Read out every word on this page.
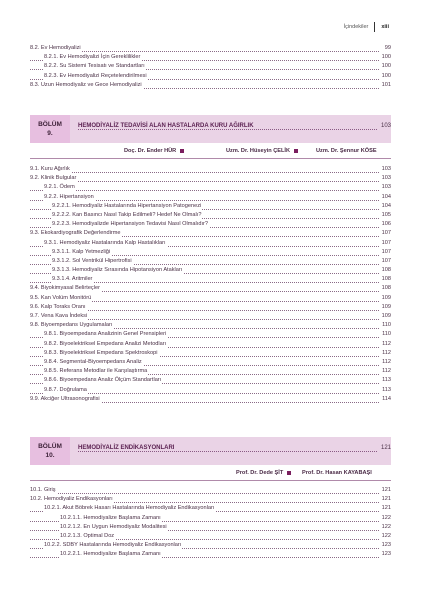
İçindekiler xiii
8.2. Ev Hemodiyalizi	99
8.2.1. Ev Hemodiyalizi İçin Gereklilikler	100
8.2.2. Su Sistemi Tesisatı ve Standartları	100
8.2.3. Ev Hemodiyalizi Reçetelendirilmesi	100
8.3. Uzun Hemodiyaliz ve Gece Hemodiyalizi	101
BÖLÜM
9.
HEMODİYALİZ TEDAVİSİ ALAN HASTALARDA KURU AĞIRLIK	103
Doç. Dr. Ender HÜR	Uzm. Dr. Hüseyin ÇELİK	Uzm. Dr. Şennur KÖSE
9.1. Kuru Ağırlık	103
9.2. Klinik Bulgular	103
9.2.1. Ödem	103
9.2.2. Hipertansiyon	104
9.2.2.1. Hemodiyaliz Hastalarında Hipertansiyon Patogenezi	104
9.2.2.2. Kan Basıncı Nasıl Takip Edilmeli? Hedef Ne Olmalı?	105
9.2.2.3. Hemodiyalizde Hipertansiyon Tedavisi Nasıl Olmalıdır?	106
9.3. Ekokardiyografik Değerlendirme	107
9.3.1. Hemodiyaliz Hastalarında Kalp Hastalıkları	107
9.3.1.1. Kalp Yetmezliği	107
9.3.1.2. Sol Ventrikül Hipertrofisi	107
9.3.1.3. Hemodiyaliz Sırasında Hipotansiyon Atakları	108
9.3.1.4. Aritmiler	108
9.4. Biyokimyasal Belirteçler	108
9.5. Kan Volüm Monitörü	109
9.6. Kalp Toraks Oranı	109
9.7. Vena Kava İndeksi	109
9.8. Biyoempedans Uygulamaları	110
9.8.1. Biyoempedans Analizinin Genel Prensipleri	110
9.8.2. Biyoelektriksel Empedans Analizi Metodları	112
9.8.3. Biyoelektriksel Empedans Spektroskopi	112
9.8.4. Segmental-Biyoempedans Analiz	112
9.8.5. Referans Metodlar ile Karşılaştırma	112
9.8.6. Biyoempedans Analiz Ölçüm Standartları	113
9.8.7. Doğrulama	113
9.9. Akciğer Ultrasonografisi	114
BÖLÜM
10.
HEMODİYALİZ ENDİKASYONLARI	121
Prof. Dr. Dede ŞİT	Prof. Dr. Hasan KAYABAŞI
10.1. Giriş	121
10.2. Hemodiyaliz Endikasyonları	121
10.2.1. Akut Böbrek Hasarı Hastalarında Hemodiyaliz Endikasyonları	121
10.2.1.1. Hemodiyalize Başlama Zamanı	122
10.2.1.2. En Uygun Hemodiyaliz Modalitesi	122
10.2.1.3. Optimal Doz	122
10.2.2. SDBY Hastalarında Hemodiyaliz Endikasyonları	123
10.2.2.1. Hemodiyalize Başlama Zamanı	123
